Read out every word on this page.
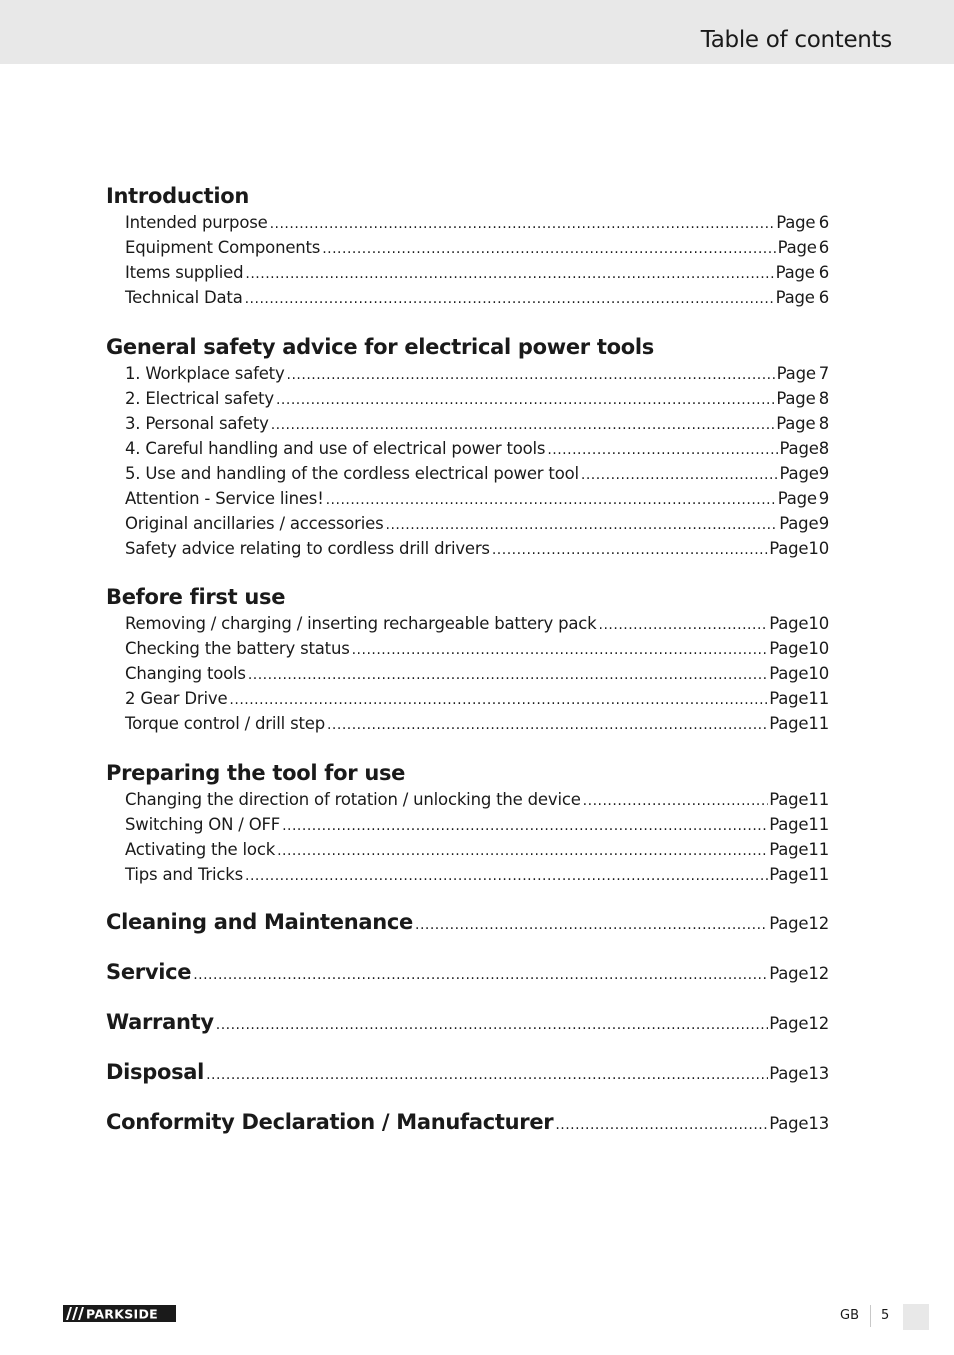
Table of contents
Introduction
Intended purpose .....	Page 6
Equipment Components .....	Page 6
Items supplied .....	Page 6
Technical Data .....	Page 6
General safety advice for electrical power tools
1. Workplace safety .....	Page 7
2. Electrical safety .....	Page 8
3. Personal safety .....	Page 8
4. Careful handling and use of electrical power tools .....	Page 8
5. Use and handling of the cordless electrical power tool .....	Page 9
Attention - Service lines! .....	Page 9
Original ancillaries / accessories .....	Page 9
Safety advice relating to cordless drill drivers .....	Page 10
Before first use
Removing / charging / inserting rechargeable battery pack .....	Page 10
Checking the battery status .....	Page 10
Changing tools .....	Page 10
2 Gear Drive .....	Page 11
Torque control / drill step .....	Page 11
Preparing the tool for use
Changing the direction of rotation / unlocking the device .....	Page 11
Switching ON / OFF .....	Page 11
Activating the lock .....	Page 11
Tips and Tricks .....	Page 11
Cleaning and Maintenance .....	Page 12
Service .....	Page 12
Warranty .....	Page 12
Disposal .....	Page 13
Conformity Declaration / Manufacturer .....	Page 13
PARKSIDE	GB 5
